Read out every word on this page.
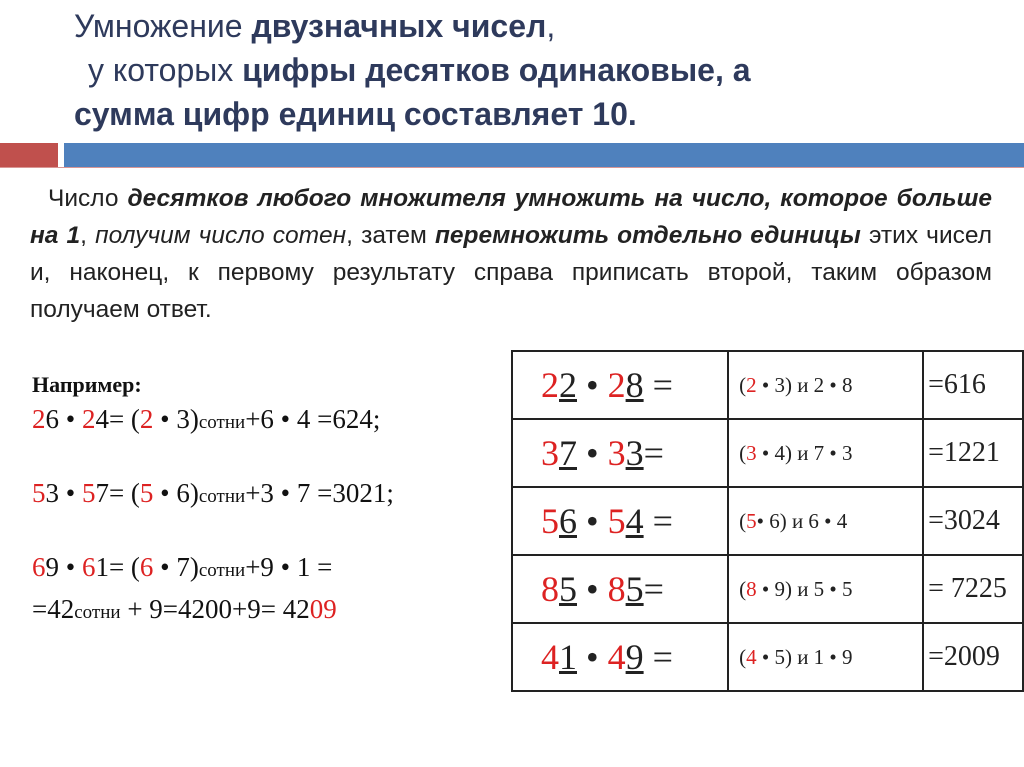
Умножение двузначных чисел,
у которых цифры десятков одинаковые, а
сумма цифр единиц составляет 10.
Число десятков любого множителя умножить на число, которое больше на 1, получим число сотен, затем перемножить отдельно единицы этих чисел и, наконец, к первому результату справа приписать второй, таким образом получаем ответ.
Например:
26 • 24= (2 • 3)сотни+6 • 4 =624;
53 • 57= (5 • 6)сотни+3 • 7 =3021;
69 • 61= (6 • 7)сотни+9 • 1 =
=42сотни + 9=4200+9= 4209
22 • 28 =	(2 • 3) и 2 • 8	=616
37 • 33=	(3 • 4) и 7 • 3	=1221
56 • 54 =	(5• 6) и 6 • 4	=3024
85 • 85=	(8 • 9) и 5 • 5	= 7225
41 • 49 =	(4 • 5) и 1 • 9	=2009
